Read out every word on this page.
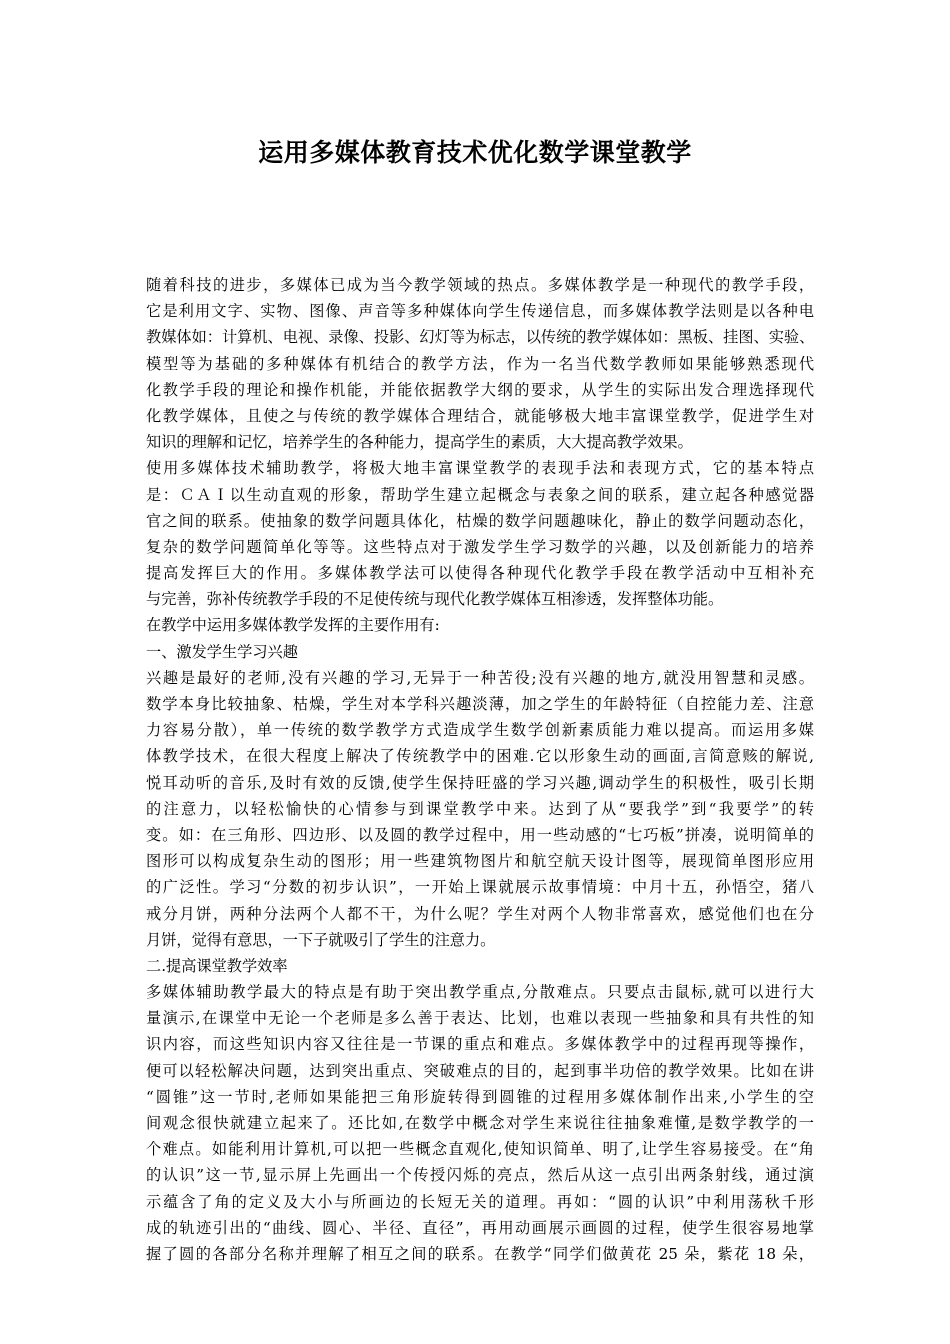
运用多媒体教育技术优化数学课堂教学
随着科技的进步，多媒体已成为当今教学领域的热点。多媒体教学是一种现代的教学手段，
它是利用文字、实物、图像、声音等多种媒体向学生传递信息，而多媒体教学法则是以各种电
教媒体如：计算机、电视、录像、投影、幻灯等为标志，以传统的教学媒体如：黑板、挂图、实验、
模型等为基础的多种媒体有机结合的教学方法，作为一名当代数学教师如果能够熟悉现代
化教学手段的理论和操作机能，并能依据教学大纲的要求，从学生的实际出发合理选择现代
化教学媒体，且使之与传统的教学媒体合理结合，就能够极大地丰富课堂教学，促进学生对
知识的理解和记忆，培养学生的各种能力，提高学生的素质，大大提高教学效果。
使用多媒体技术辅助教学，将极大地丰富课堂教学的表现手法和表现方式，它的基本特点
是：ＣＡＩ以生动直观的形象，帮助学生建立起概念与表象之间的联系，建立起各种感觉器
官之间的联系。使抽象的数学问题具体化，枯燥的数学问题趣味化，静止的数学问题动态化，
复杂的数学问题简单化等等。这些特点对于激发学生学习数学的兴趣，以及创新能力的培养
提高发挥巨大的作用。多媒体教学法可以使得各种现代化教学手段在教学活动中互相补充
与完善，弥补传统教学手段的不足使传统与现代化教学媒体互相渗透，发挥整体功能。
在教学中运用多媒体教学发挥的主要作用有:
一、激发学生学习兴趣
兴趣是最好的老师,没有兴趣的学习,无异于一种苦役;没有兴趣的地方,就没用智慧和灵感。
数学本身比较抽象、枯燥，学生对本学科兴趣淡薄，加之学生的年龄特征（自控能力差、注意
力容易分散），单一传统的数学教学方式造成学生数学创新素质能力难以提高。而运用多媒
体教学技术，在很大程度上解决了传统教学中的困难.它以形象生动的画面,言简意赅的解说,
悦耳动听的音乐,及时有效的反馈,使学生保持旺盛的学习兴趣,调动学生的积极性，吸引长期
的注意力，以轻松愉快的心情参与到课堂教学中来。达到了从“要我学”到“我要学”的转
变。如：在三角形、四边形、以及圆的教学过程中，用一些动感的“七巧板”拼凑，说明简单的
图形可以构成复杂生动的图形；用一些建筑物图片和航空航天设计图等，展现简单图形应用
的广泛性。学习“分数的初步认识”，一开始上课就展示故事情境：中月十五，孙悟空，猪八
戒分月饼，两种分法两个人都不干，为什么呢？学生对两个人物非常喜欢，感觉他们也在分
月饼，觉得有意思，一下子就吸引了学生的注意力。
二.提高课堂教学效率
多媒体辅助教学最大的特点是有助于突出教学重点,分散难点。只要点击鼠标,就可以进行大
量演示,在课堂中无论一个老师是多么善于表达、比划，也难以表现一些抽象和具有共性的知
识内容，而这些知识内容又往往是一节课的重点和难点。多媒体教学中的过程再现等操作，
便可以轻松解决问题，达到突出重点、突破难点的目的，起到事半功倍的教学效果。比如在讲
“圆锥”这一节时,老师如果能把三角形旋转得到圆锥的过程用多媒体制作出来,小学生的空
间观念很快就建立起来了。还比如,在数学中概念对学生来说往往抽象难懂,是数学教学的一
个难点。如能利用计算机,可以把一些概念直观化,使知识简单、明了,让学生容易接受。在“角
的认识”这一节,显示屏上先画出一个传授闪烁的亮点，然后从这一点引出两条射线，通过演
示蕴含了角的定义及大小与所画边的长短无关的道理。再如：“圆的认识”中利用荡秋千形
成的轨迹引出的“曲线、圆心、半径、直径”，再用动画展示画圆的过程，使学生很容易地掌
握了圆的各部分名称并理解了相互之间的联系。在教学“同学们做黄花 25 朵，紫花 18 朵，
